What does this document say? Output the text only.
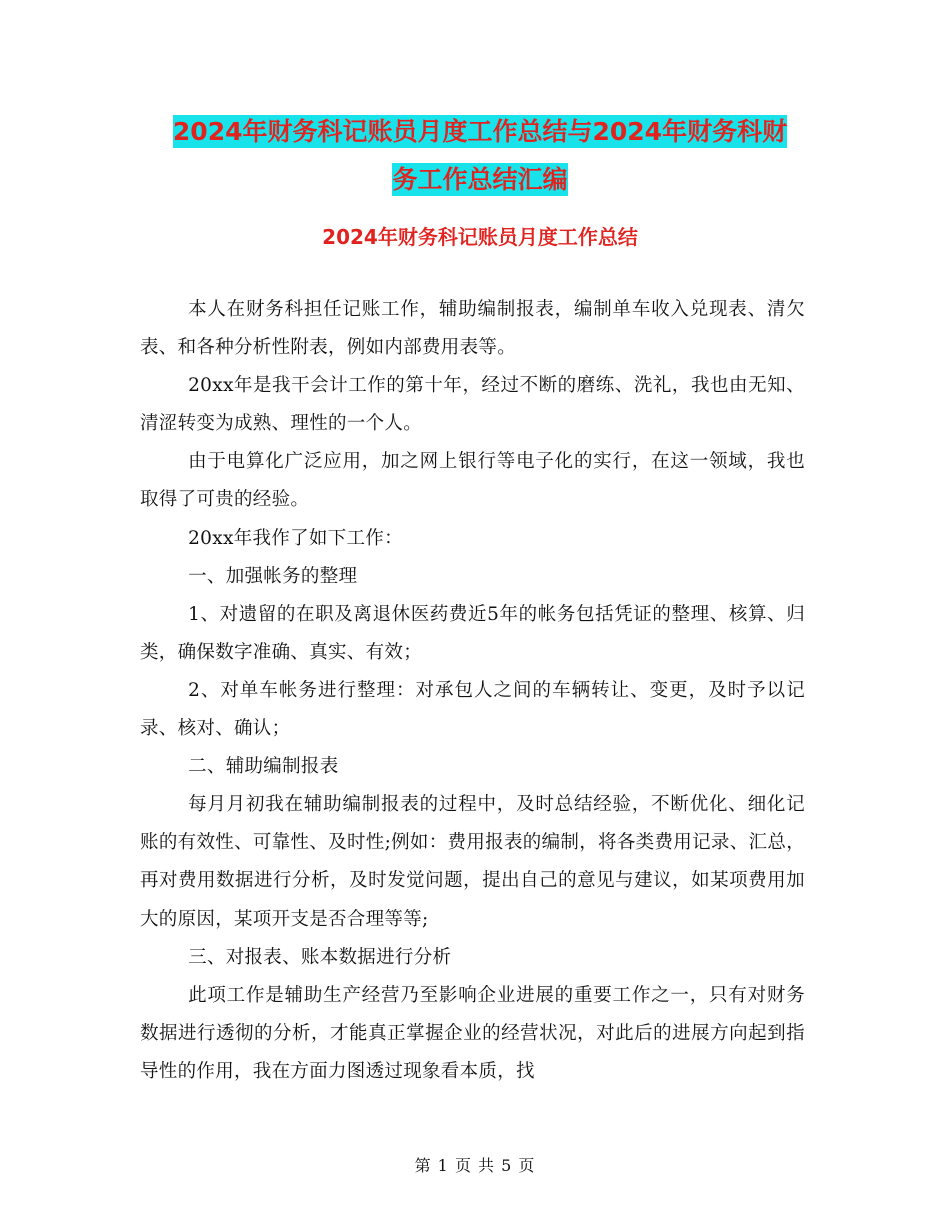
2024年财务科记账员月度工作总结与2024年财务科财
务工作总结汇编
2024年财务科记账员月度工作总结

本人在财务科担任记账工作，辅助编制报表，编制单车收入兑现表、清欠表、和各种分析性附表，例如内部费用表等。

20xx年是我干会计工作的第十年，经过不断的磨练、洗礼，我也由无知、清涩转变为成熟、理性的一个人。

由于电算化广泛应用，加之网上银行等电子化的实行，在这一领域，我也取得了可贵的经验。

20xx年我作了如下工作：

一、加强帐务的整理

1、对遗留的在职及离退休医药费近5年的帐务包括凭证的整理、核算、归类，确保数字准确、真实、有效；

2、对单车帐务进行整理：对承包人之间的车辆转让、变更，及时予以记录、核对、确认；

二、辅助编制报表

每月月初我在辅助编制报表的过程中，及时总结经验，不断优化、细化记账的有效性、可靠性、及时性;例如：费用报表的编制，将各类费用记录、汇总，再对费用数据进行分析，及时发觉问题，提出自己的意见与建议，如某项费用加大的原因，某项开支是否合理等等;

三、对报表、账本数据进行分析

此项工作是辅助生产经营乃至影响企业进展的重要工作之一，只有对财务数据进行透彻的分析，才能真正掌握企业的经营状况，对此后的进展方向起到指导性的作用，我在方面力图透过现象看本质，找

第 1 页 共 5 页
